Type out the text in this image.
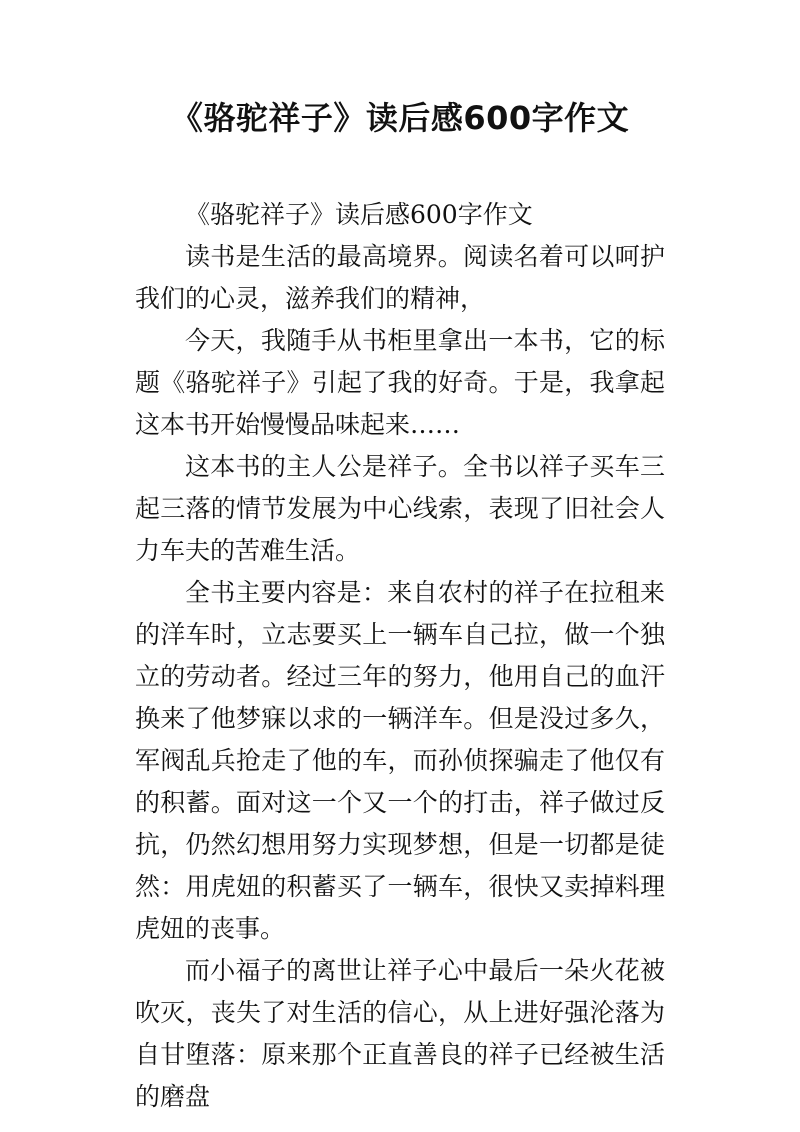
《骆驼祥子》读后感600字作文

《骆驼祥子》读后感600字作文

读书是生活的最高境界。阅读名着可以呵护我们的心灵，滋养我们的精神，

今天，我随手从书柜里拿出一本书，它的标题《骆驼祥子》引起了我的好奇。于是，我拿起这本书开始慢慢品味起来……

这本书的主人公是祥子。全书以祥子买车三起三落的情节发展为中心线索，表现了旧社会人力车夫的苦难生活。

全书主要内容是：来自农村的祥子在拉租来的洋车时，立志要买上一辆车自己拉，做一个独立的劳动者。经过三年的努力，他用自己的血汗换来了他梦寐以求的一辆洋车。但是没过多久，军阀乱兵抢走了他的车，而孙侦探骗走了他仅有的积蓄。面对这一个又一个的打击，祥子做过反抗，仍然幻想用努力实现梦想，但是一切都是徒然：用虎妞的积蓄买了一辆车，很快又卖掉料理虎妞的丧事。

而小福子的离世让祥子心中最后一朵火花被吹灭，丧失了对生活的信心，从上进好强沦落为自甘堕落：原来那个正直善良的祥子已经被生活的磨盘
